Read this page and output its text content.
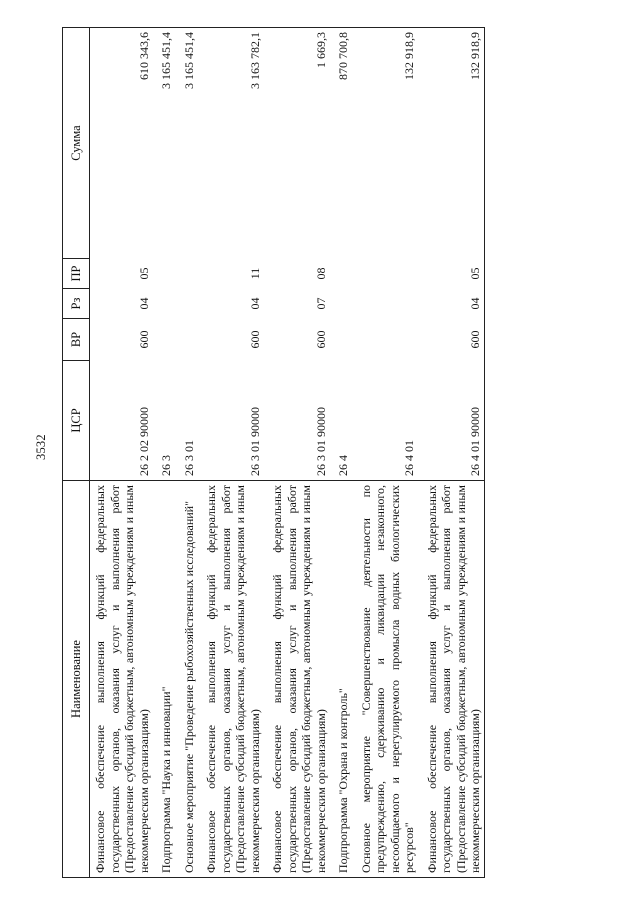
3532
Наименование	ЦСР	ВР	Рз	ПР	Сумма
Финансовое обеспечение выполнения функций федеральных государственных органов, оказания услуг и выполнения работ (Предоставление субсидий бюджетным, автономным учреждениям и иным некоммерческим организациям)	26 2 02 90000	600	04	05	610 343,6
Подпрограмма "Наука и инновации"	26 3				3 165 451,4
Основное мероприятие "Проведение рыбохозяйственных исследований"	26 3 01				3 165 451,4
Финансовое обеспечение выполнения функций федеральных государственных органов, оказания услуг и выполнения работ (Предоставление субсидий бюджетным, автономным учреждениям и иным некоммерческим организациям)	26 3 01 90000	600	04	11	3 163 782,1
Финансовое обеспечение выполнения функций федеральных государственных органов, оказания услуг и выполнения работ (Предоставление субсидий бюджетным, автономным учреждениям и иным некоммерческим организациям)	26 3 01 90000	600	07	08	1 669,3
Подпрограмма "Охрана и контроль"	26 4				870 700,8
Основное мероприятие "Совершенствование деятельности по предупреждению, сдерживанию и ликвидации незаконного, несообщаемого и нерегулируемого промысла водных биологических ресурсов"	26 4 01				132 918,9
Финансовое обеспечение выполнения функций федеральных государственных органов, оказания услуг и выполнения работ (Предоставление субсидий бюджетным, автономным учреждениям и иным некоммерческим организациям)	26 4 01 90000	600	04	05	132 918,9
